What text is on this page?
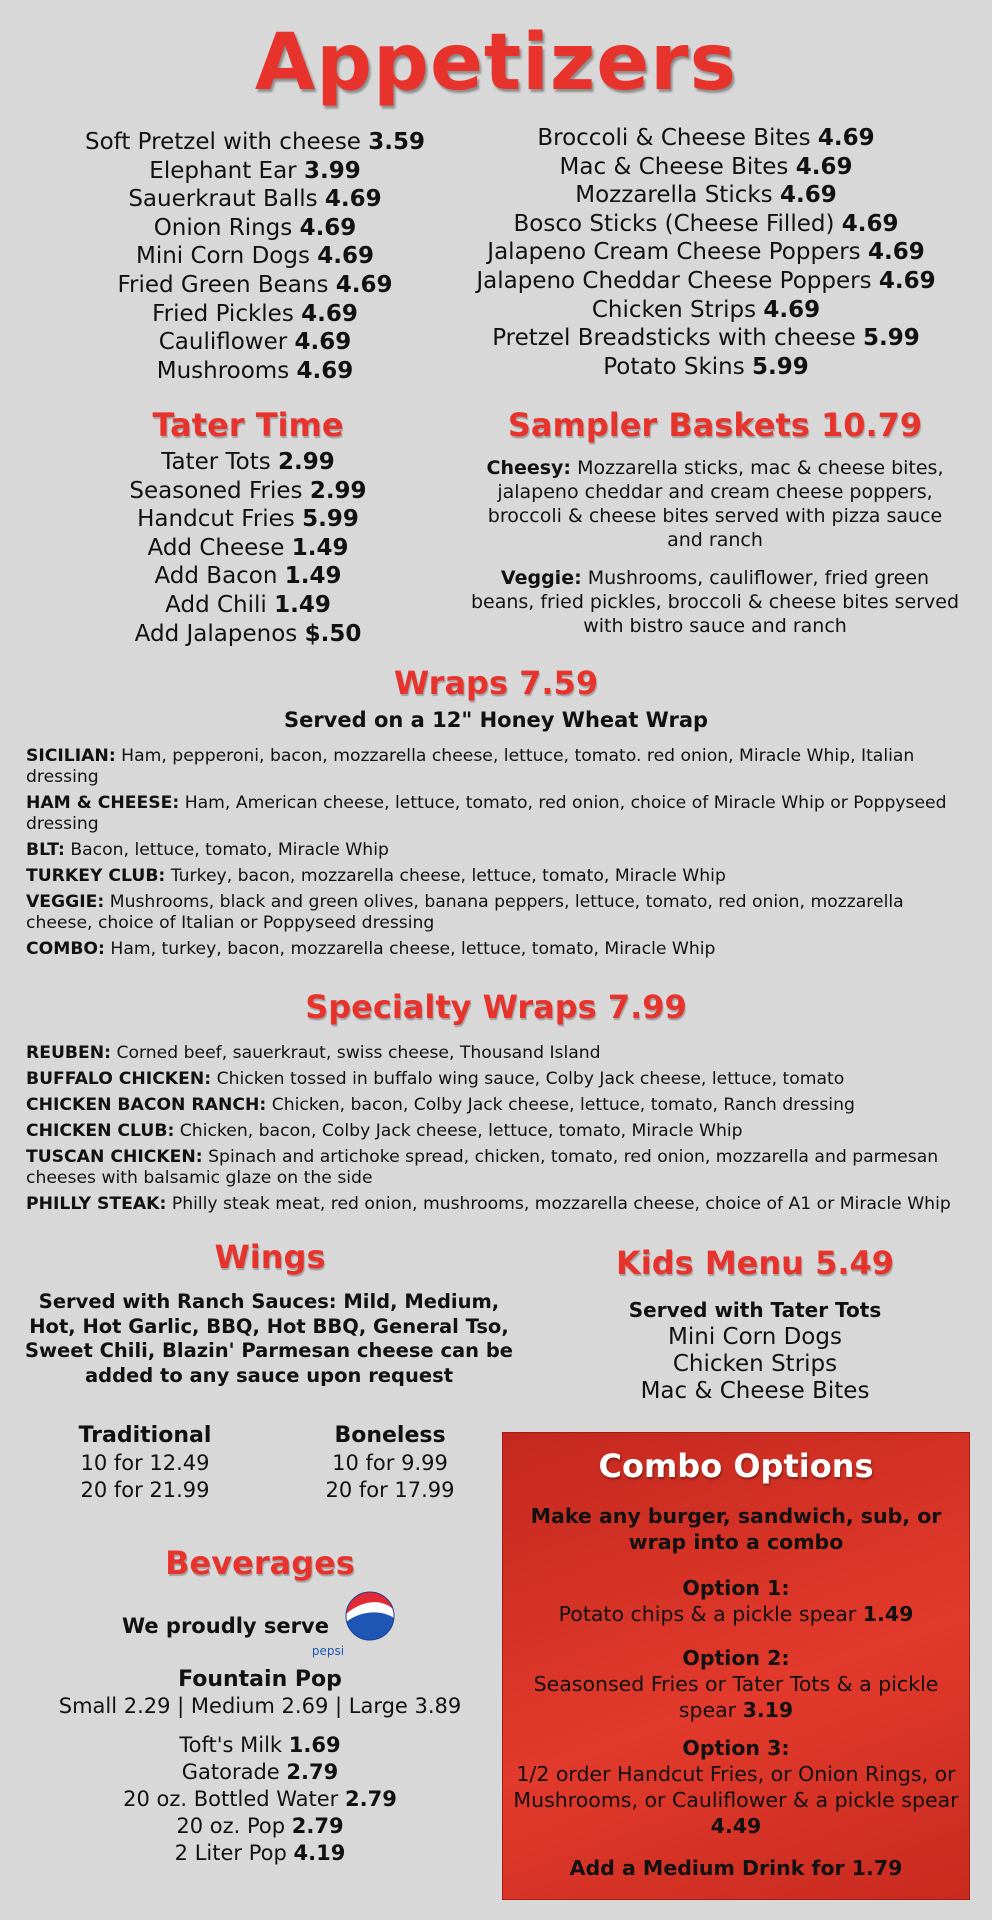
Appetizers
Soft Pretzel with cheese 3.59
Elephant Ear 3.99
Sauerkraut Balls 4.69
Onion Rings 4.69
Mini Corn Dogs 4.69
Fried Green Beans 4.69
Fried Pickles 4.69
Cauliflower 4.69
Mushrooms 4.69
Broccoli & Cheese Bites 4.69
Mac & Cheese Bites 4.69
Mozzarella Sticks 4.69
Bosco Sticks (Cheese Filled) 4.69
Jalapeno Cream Cheese Poppers 4.69
Jalapeno Cheddar Cheese Poppers 4.69
Chicken Strips 4.69
Pretzel Breadsticks with cheese 5.99
Potato Skins 5.99
Tater Time
Tater Tots 2.99
Seasoned Fries 2.99
Handcut Fries 5.99
Add Cheese 1.49
Add Bacon 1.49
Add Chili 1.49
Add Jalapenos $.50
Sampler Baskets 10.79
Cheesy: Mozzarella sticks, mac & cheese bites, jalapeno cheddar and cream cheese poppers, broccoli & cheese bites served with pizza sauce and ranch
Veggie: Mushrooms, cauliflower, fried green beans, fried pickles, broccoli & cheese bites served with bistro sauce and ranch
Wraps 7.59
Served on a 12" Honey Wheat Wrap
SICILIAN: Ham, pepperoni, bacon, mozzarella cheese, lettuce, tomato. red onion, Miracle Whip, Italian dressing
HAM & CHEESE: Ham, American cheese, lettuce, tomato, red onion, choice of Miracle Whip or Poppyseed dressing
BLT: Bacon, lettuce, tomato, Miracle Whip
TURKEY CLUB: Turkey, bacon, mozzarella cheese, lettuce, tomato, Miracle Whip
VEGGIE: Mushrooms, black and green olives, banana peppers, lettuce, tomato, red onion, mozzarella cheese, choice of Italian or Poppyseed dressing
COMBO: Ham, turkey, bacon, mozzarella cheese, lettuce, tomato, Miracle Whip
Specialty Wraps 7.99
REUBEN: Corned beef, sauerkraut, swiss cheese, Thousand Island
BUFFALO CHICKEN: Chicken tossed in buffalo wing sauce, Colby Jack cheese, lettuce, tomato
CHICKEN BACON RANCH: Chicken, bacon, Colby Jack cheese, lettuce, tomato, Ranch dressing
CHICKEN CLUB: Chicken, bacon, Colby Jack cheese, lettuce, tomato, Miracle Whip
TUSCAN CHICKEN: Spinach and artichoke spread, chicken, tomato, red onion, mozzarella and parmesan cheeses with balsamic glaze on the side
PHILLY STEAK: Philly steak meat, red onion, mushrooms, mozzarella cheese, choice of A1 or Miracle Whip
Wings
Served with Ranch Sauces: Mild, Medium, Hot, Hot Garlic, BBQ, Hot BBQ, General Tso, Sweet Chili, Blazin' Parmesan cheese can be added to any sauce upon request
Traditional
10 for 12.49
20 for 21.99
Boneless
10 for 9.99
20 for 17.99
Kids Menu 5.49
Served with Tater Tots
Mini Corn Dogs
Chicken Strips
Mac & Cheese Bites
Beverages
We proudly serve
pepsi
Fountain Pop
Small 2.29 | Medium 2.69 | Large 3.89
Toft's Milk 1.69
Gatorade 2.79
20 oz. Bottled Water 2.79
20 oz. Pop 2.79
2 Liter Pop 4.19
Combo Options
Make any burger, sandwich, sub, or wrap into a combo
Option 1:
Potato chips & a pickle spear 1.49
Option 2:
Seasonsed Fries or Tater Tots & a pickle spear 3.19
Option 3:
1/2 order Handcut Fries, or Onion Rings, or Mushrooms, or Cauliflower & a pickle spear 4.49
Add a Medium Drink for 1.79
